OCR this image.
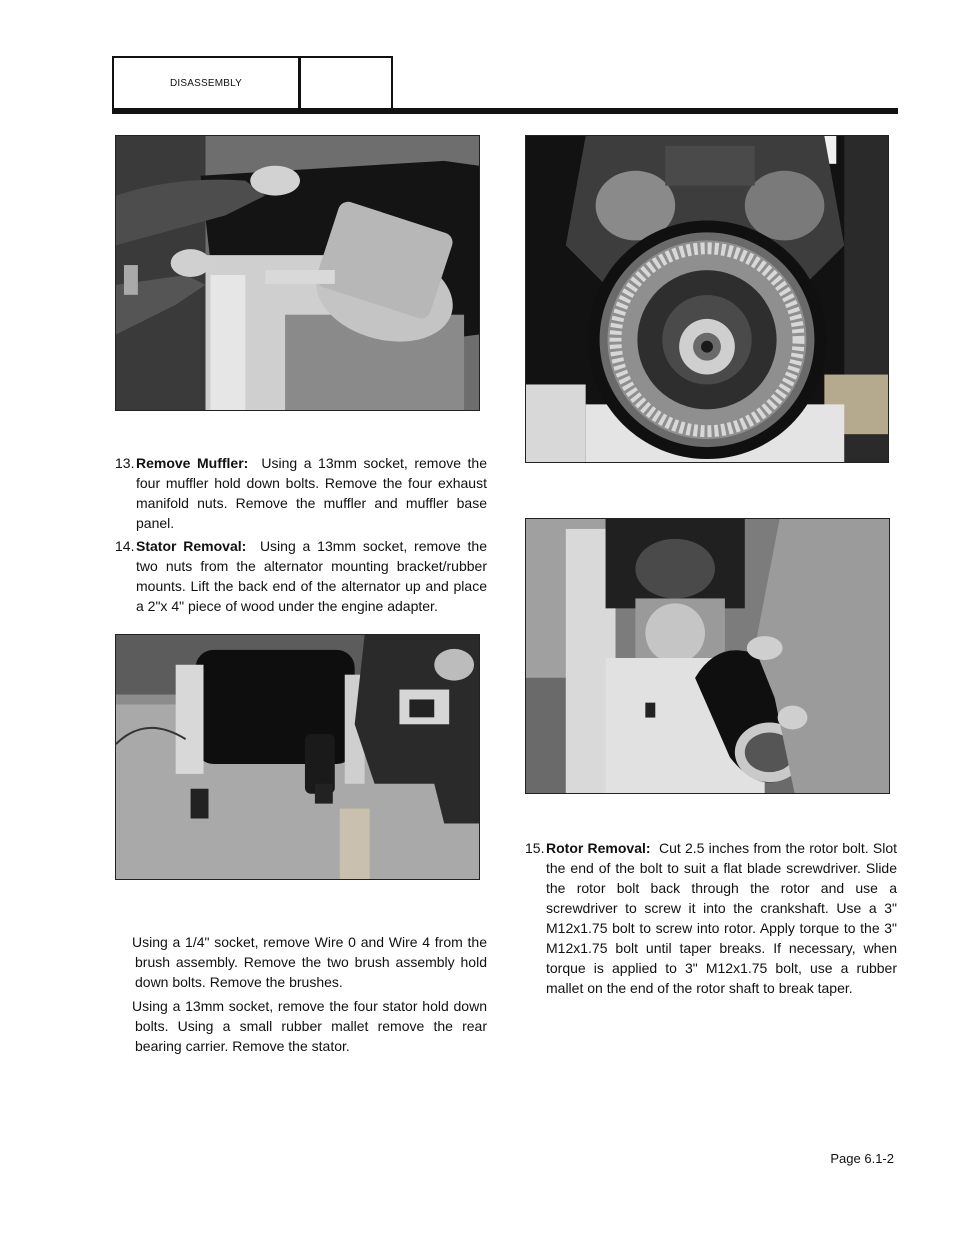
DISASSEMBLY
13. Remove Muffler: Using a 13mm socket, remove the four muffler hold down bolts. Remove the four exhaust manifold nuts. Remove the muffler and muffler base panel.
14. Stator Removal: Using a 13mm socket, remove the two nuts from the alternator mounting bracket/rubber mounts. Lift the back end of the alternator up and place a 2"x 4" piece of wood under the engine adapter.
Using a 1/4" socket, remove Wire 0 and Wire 4 from the brush assembly. Remove the two brush assembly hold down bolts. Remove the brushes.
Using a 13mm socket, remove the four stator hold down bolts. Using a small rubber mallet remove the rear bearing carrier. Remove the stator.
15. Rotor Removal: Cut 2.5 inches from the rotor bolt. Slot the end of the bolt to suit a flat blade screwdriver. Slide the rotor bolt back through the rotor and use a screwdriver to screw it into the crankshaft. Use a 3" M12x1.75 bolt to screw into rotor. Apply torque to the 3" M12x1.75 bolt until taper breaks. If necessary, when torque is applied to 3" M12x1.75 bolt, use a rubber mallet on the end of the rotor shaft to break taper.
Page 6.1-2
